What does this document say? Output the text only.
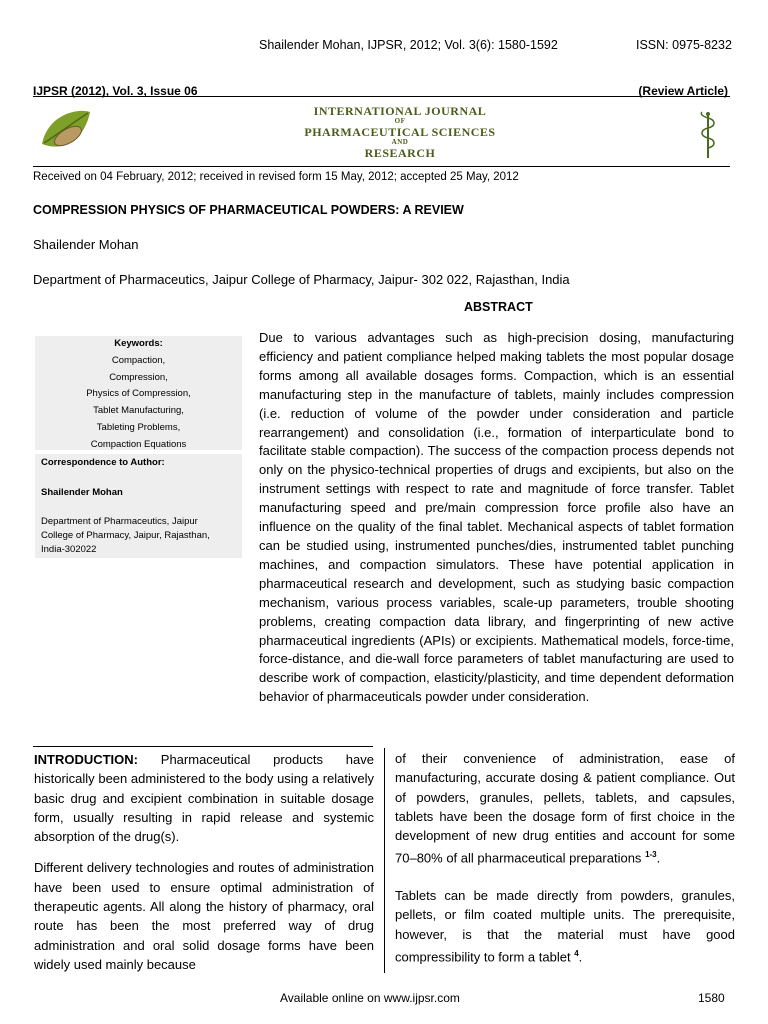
Shailender Mohan, IJPSR, 2012; Vol. 3(6): 1580-1592	ISSN: 0975-8232
IJPSR (2012), Vol. 3, Issue 06	(Review Article)
INTERNATIONAL JOURNAL
OF
PHARMACEUTICAL SCIENCES
AND
RESEARCH
Received on 04 February, 2012; received in revised form 15 May, 2012; accepted 25 May, 2012
COMPRESSION PHYSICS OF PHARMACEUTICAL POWDERS: A REVIEW
Shailender Mohan
Department of Pharmaceutics, Jaipur College of Pharmacy, Jaipur- 302 022, Rajasthan, India
ABSTRACT
Keywords:
Compaction,
Compression,
Physics of Compression,
Tablet Manufacturing,
Tableting Problems,
Compaction Equations
Correspondence to Author:
Shailender Mohan
Department of Pharmaceutics, Jaipur College of Pharmacy, Jaipur, Rajasthan, India-302022
Due to various advantages such as high-precision dosing, manufacturing efficiency and patient compliance helped making tablets the most popular dosage forms among all available dosages forms. Compaction, which is an essential manufacturing step in the manufacture of tablets, mainly includes compression (i.e. reduction of volume of the powder under consideration and particle rearrangement) and consolidation (i.e., formation of interparticulate bond to facilitate stable compaction). The success of the compaction process depends not only on the physico-technical properties of drugs and excipients, but also on the instrument settings with respect to rate and magnitude of force transfer. Tablet manufacturing speed and pre/main compression force profile also have an influence on the quality of the final tablet. Mechanical aspects of tablet formation can be studied using, instrumented punches/dies, instrumented tablet punching machines, and compaction simulators. These have potential application in pharmaceutical research and development, such as studying basic compaction mechanism, various process variables, scale-up parameters, trouble shooting problems, creating compaction data library, and fingerprinting of new active pharmaceutical ingredients (APIs) or excipients. Mathematical models, force-time, force-distance, and die-wall force parameters of tablet manufacturing are used to describe work of compaction, elasticity/plasticity, and time dependent deformation behavior of pharmaceuticals powder under consideration.

INTRODUCTION: Pharmaceutical products have historically been administered to the body using a relatively basic drug and excipient combination in suitable dosage form, usually resulting in rapid release and systemic absorption of the drug(s).

Different delivery technologies and routes of administration have been used to ensure optimal administration of therapeutic agents. All along the history of pharmacy, oral route has been the most preferred way of drug administration and oral solid dosage forms have been widely used mainly because

of their convenience of administration, ease of manufacturing, accurate dosing & patient compliance. Out of powders, granules, pellets, tablets, and capsules, tablets have been the dosage form of first choice in the development of new drug entities and account for some 70–80% of all pharmaceutical preparations $^{1-3}$.

Tablets can be made directly from powders, granules, pellets, or film coated multiple units. The prerequisite, however, is that the material must have good compressibility to form a tablet $^4$.

Available online on www.ijpsr.com	1580
